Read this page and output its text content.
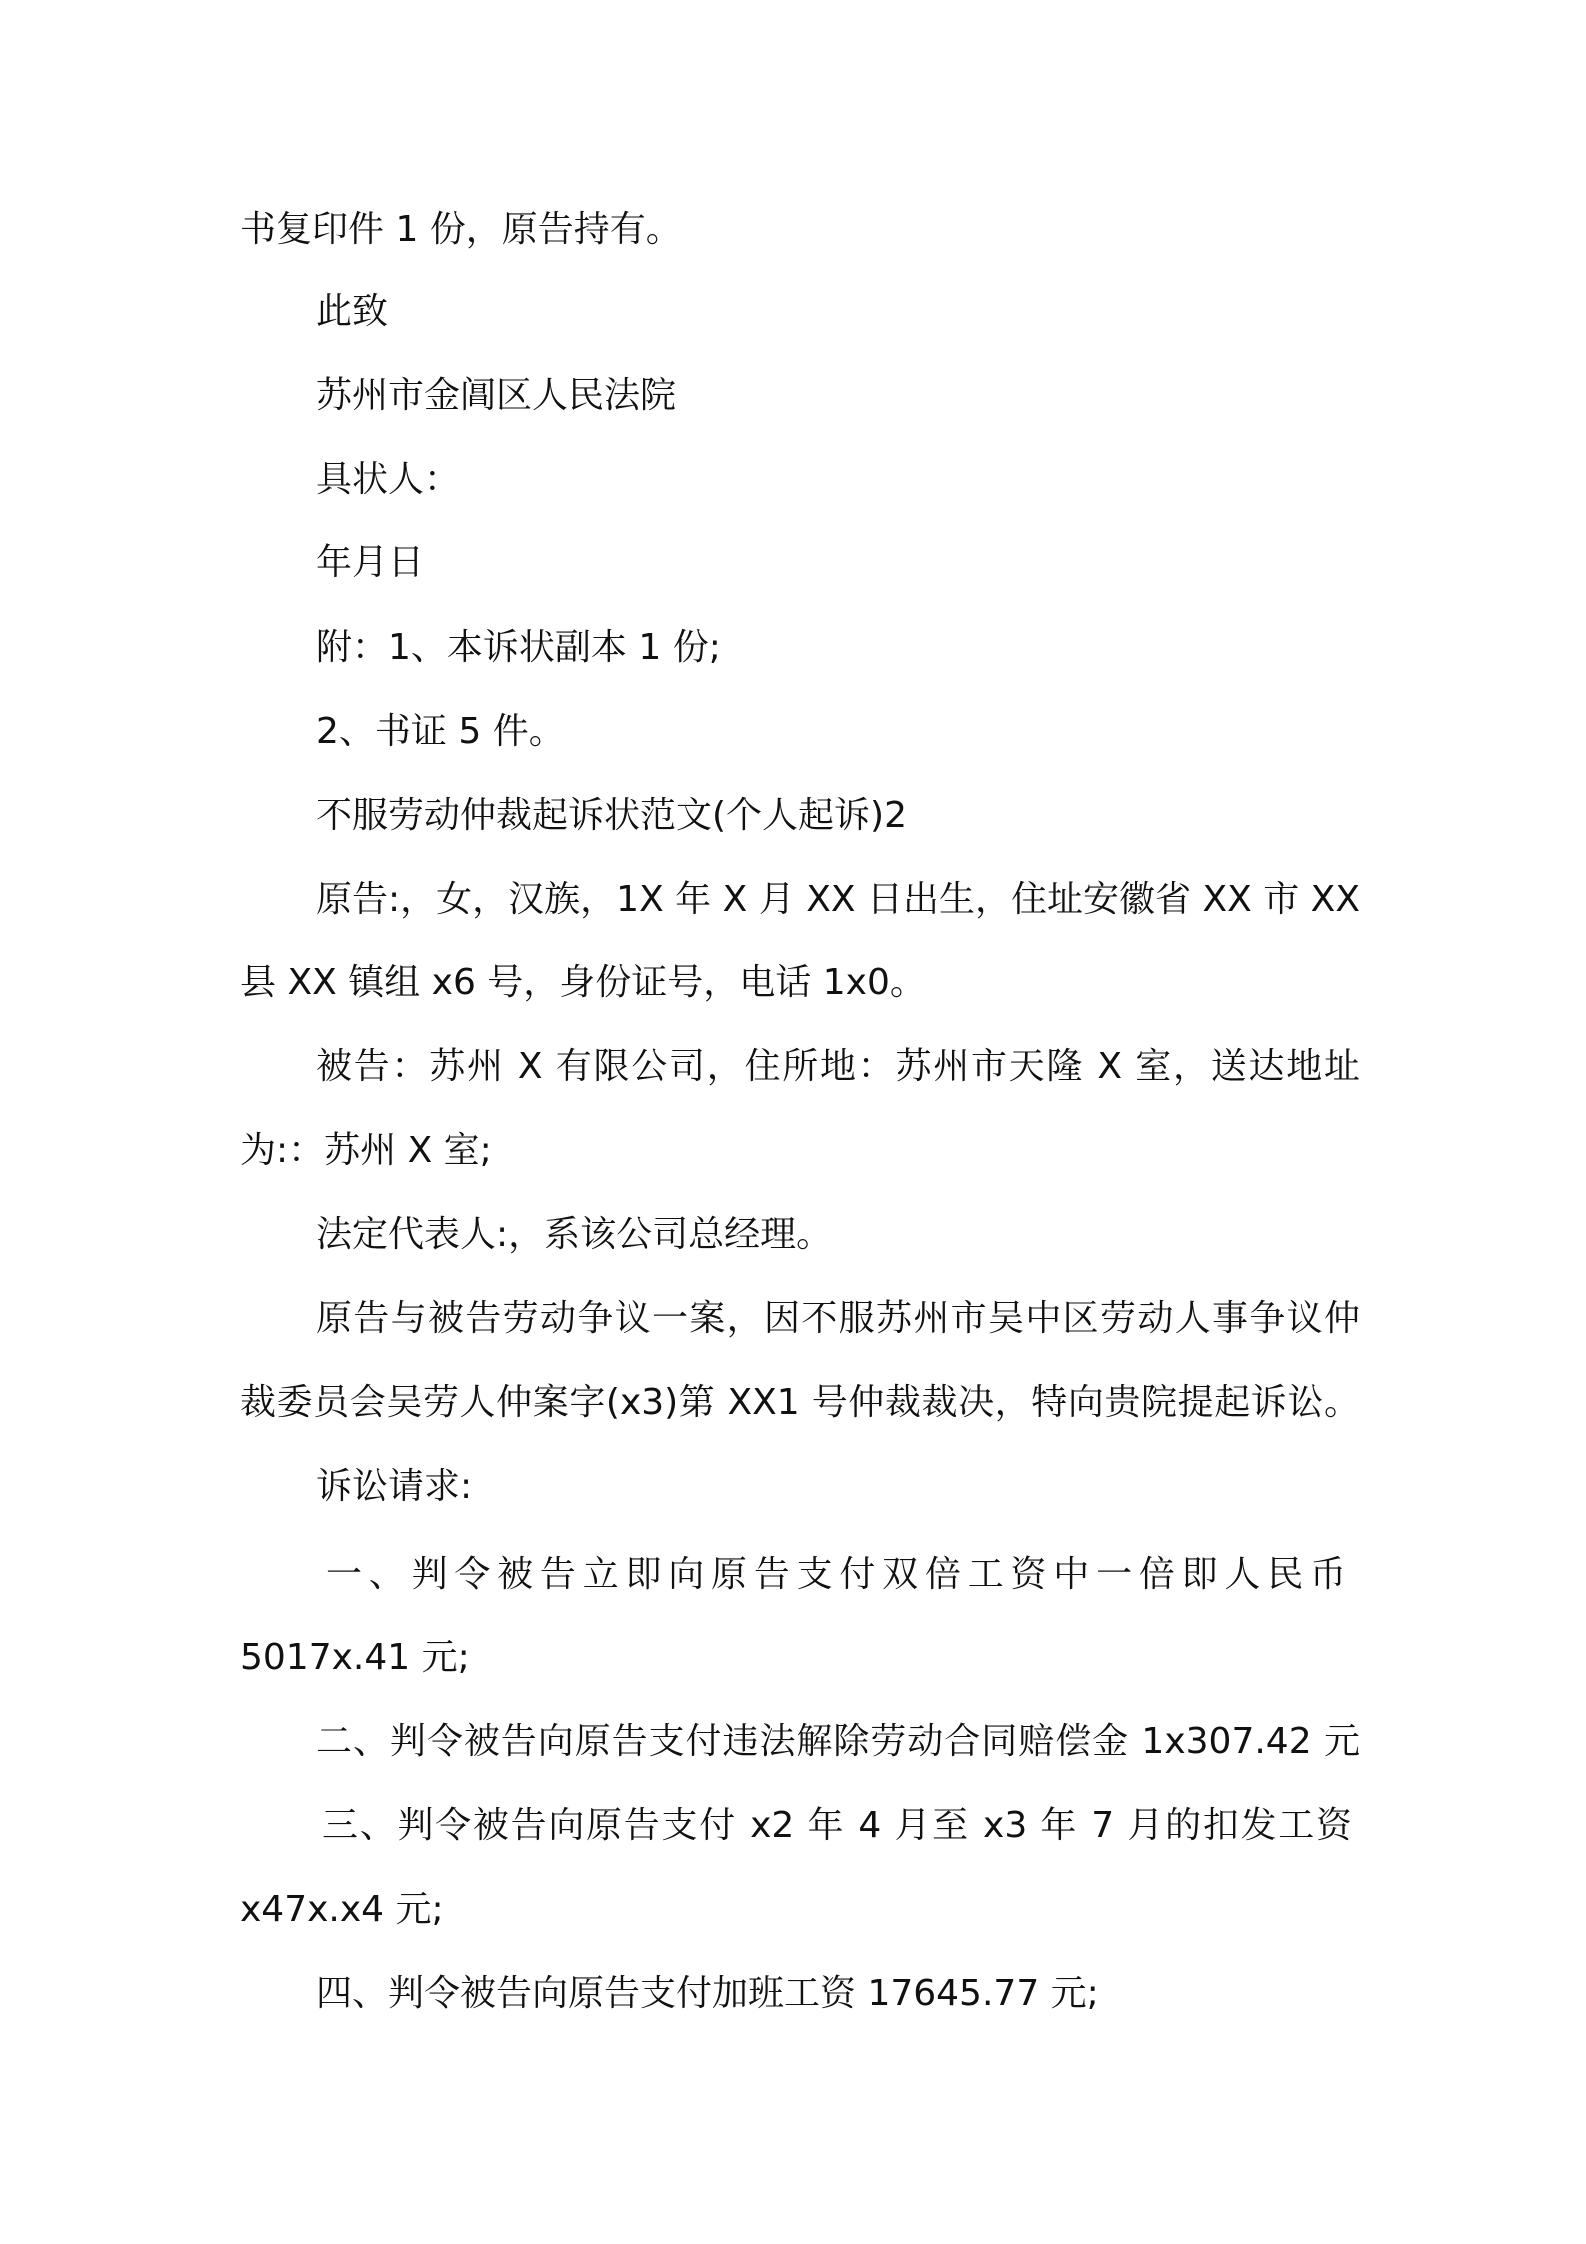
书复印件 1 份，原告持有。
此致
苏州市金阊区人民法院
具状人：
年月日
附：1、本诉状副本 1 份;
2、书证 5 件。
不服劳动仲裁起诉状范文(个人起诉)2
原告:，女，汉族，1X 年 X 月 XX 日出生，住址安徽省 XX 市 XX
县 XX 镇组 x6 号，身份证号，电话 1x0。
被告：苏州 X 有限公司，住所地：苏州市天隆 X 室，送达地址
为:：苏州 X 室;
法定代表人:，系该公司总经理。
原告与被告劳动争议一案，因不服苏州市吴中区劳动人事争议仲
裁委员会吴劳人仲案字(x3)第 XX1 号仲裁裁决，特向贵院提起诉讼。
诉讼请求:
一、判令被告立即向原告支付双倍工资中一倍即人民币
5017x.41 元;
二、判令被告向原告支付违法解除劳动合同赔偿金 1x307.42 元
三、判令被告向原告支付 x2 年 4 月至 x3 年 7 月的扣发工资
x47x.x4 元;
四、判令被告向原告支付加班工资 17645.77 元;
